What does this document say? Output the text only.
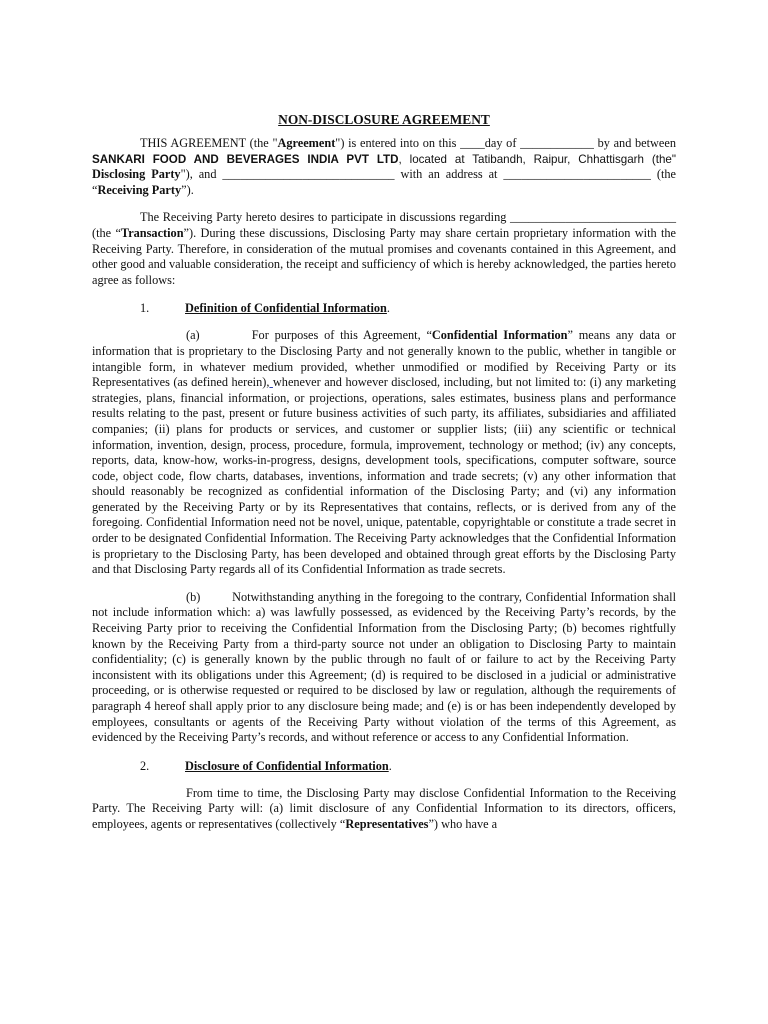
NON-DISCLOSURE AGREEMENT

THIS AGREEMENT (the "Agreement") is entered into on this ____day of ____________ by and between SANKARI FOOD AND BEVERAGES INDIA PVT LTD, located at Tatibandh, Raipur, Chhattisgarh (the" Disclosing Party"), and ____________________________ with an address at ________________________ (the “Receiving Party”).

The Receiving Party hereto desires to participate in discussions regarding ___________________________ (the “Transaction”). During these discussions, Disclosing Party may share certain proprietary information with the Receiving Party. Therefore, in consideration of the mutual promises and covenants contained in this Agreement, and other good and valuable consideration, the receipt and sufficiency of which is hereby acknowledged, the parties hereto agree as follows:

1.	Definition of Confidential Information.

(a)	For purposes of this Agreement, “Confidential Information” means any data or information that is proprietary to the Disclosing Party and not generally known to the public, whether in tangible or intangible form, in whatever medium provided, whether unmodified or modified by Receiving Party or its Representatives (as defined herein), whenever and however disclosed, including, but not limited to: (i) any marketing strategies, plans, financial information, or projections, operations, sales estimates, business plans and performance results relating to the past, present or future business activities of such party, its affiliates, subsidiaries and affiliated companies; (ii) plans for products or services, and customer or supplier lists; (iii) any scientific or technical information, invention, design, process, procedure, formula, improvement, technology or method; (iv) any concepts, reports, data, know-how, works-in-progress, designs, development tools, specifications, computer software, source code, object code, flow charts, databases, inventions, information and trade secrets; (v) any other information that should reasonably be recognized as confidential information of the Disclosing Party; and (vi) any information generated by the Receiving Party or by its Representatives that contains, reflects, or is derived from any of the foregoing. Confidential Information need not be novel, unique, patentable, copyrightable or constitute a trade secret in order to be designated Confidential Information. The Receiving Party acknowledges that the Confidential Information is proprietary to the Disclosing Party, has been developed and obtained through great efforts by the Disclosing Party and that Disclosing Party regards all of its Confidential Information as trade secrets.

(b)	Notwithstanding anything in the foregoing to the contrary, Confidential Information shall not include information which: a) was lawfully possessed, as evidenced by the Receiving Party’s records, by the Receiving Party prior to receiving the Confidential Information from the Disclosing Party; (b) becomes rightfully known by the Receiving Party from a third-party source not under an obligation to Disclosing Party to maintain confidentiality; (c) is generally known by the public through no fault of or failure to act by the Receiving Party inconsistent with its obligations under this Agreement; (d) is required to be disclosed in a judicial or administrative proceeding, or is otherwise requested or required to be disclosed by law or regulation, although the requirements of paragraph 4 hereof shall apply prior to any disclosure being made; and (e) is or has been independently developed by employees, consultants or agents of the Receiving Party without violation of the terms of this Agreement, as evidenced by the Receiving Party’s records, and without reference or access to any Confidential Information.

2.	Disclosure of Confidential Information.

From time to time, the Disclosing Party may disclose Confidential Information to the Receiving Party. The Receiving Party will: (a) limit disclosure of any Confidential Information to its directors, officers, employees, agents or representatives (collectively “Representatives”) who have a
